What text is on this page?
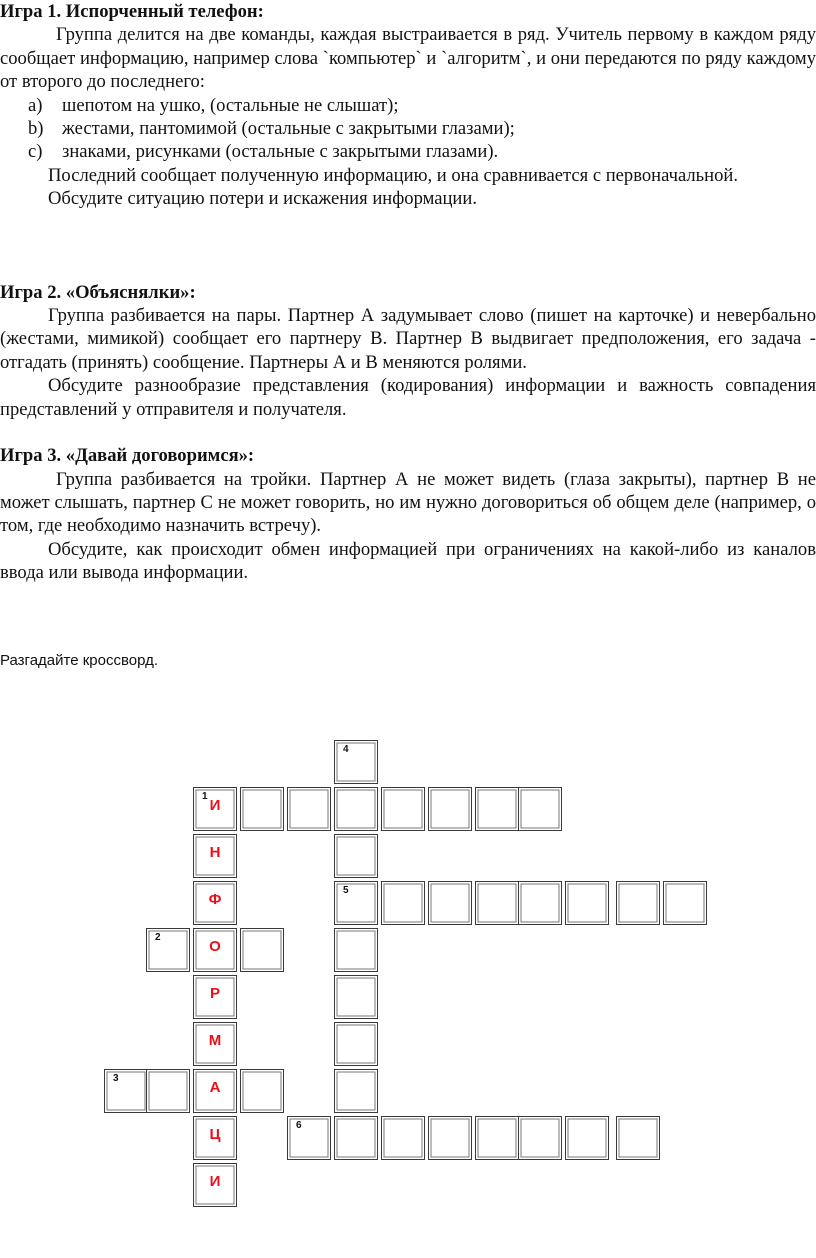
Игра 1. Испорченный телефон:

Группа делится на две команды, каждая выстраивается в ряд. Учитель первому в каждом ряду сообщает информацию, например слова `компьютер` и `алгоритм`, и они передаются по ряду каждому от второго до последнего:

a)	шепотом на ушко, (остальные не слышат);
b) жестами, пантомимой (остальные с закрытыми глазами);
c)	знаками, рисунками (остальные с закрытыми глазами).

Последний сообщает полученную информацию, и она сравнивается с первоначальной.

Обсудите ситуацию потери и искажения информации.

Игра 2. «Объяснялки»:

Группа разбивается на пары. Партнер А задумывает слово (пишет на карточке) и невербально (жестами, мимикой) сообщает его партнеру В. Партнер В выдвигает предположения, его задача - отгадать (принять) сообщение. Партнеры А и В меняются ролями.

Обсудите разнообразие представления (кодирования) информации и важность совпадения представлений у отправителя и получателя.

Игра 3. «Давай договоримся»:

Группа разбивается на тройки. Партнер А не может видеть (глаза закрыты), партнер В не может слышать, партнер С не может говорить, но им нужно договориться об общем деле (например, о том, где необходимо назначить встречу).

Обсудите, как происходит обмен информацией при ограничениях на какой-либо из каналов ввода или вывода информации.

Разгадайте кроссворд.
1
И
Н
Ф
О
Р
М
А
Ц
И
2
3
4
5
6
